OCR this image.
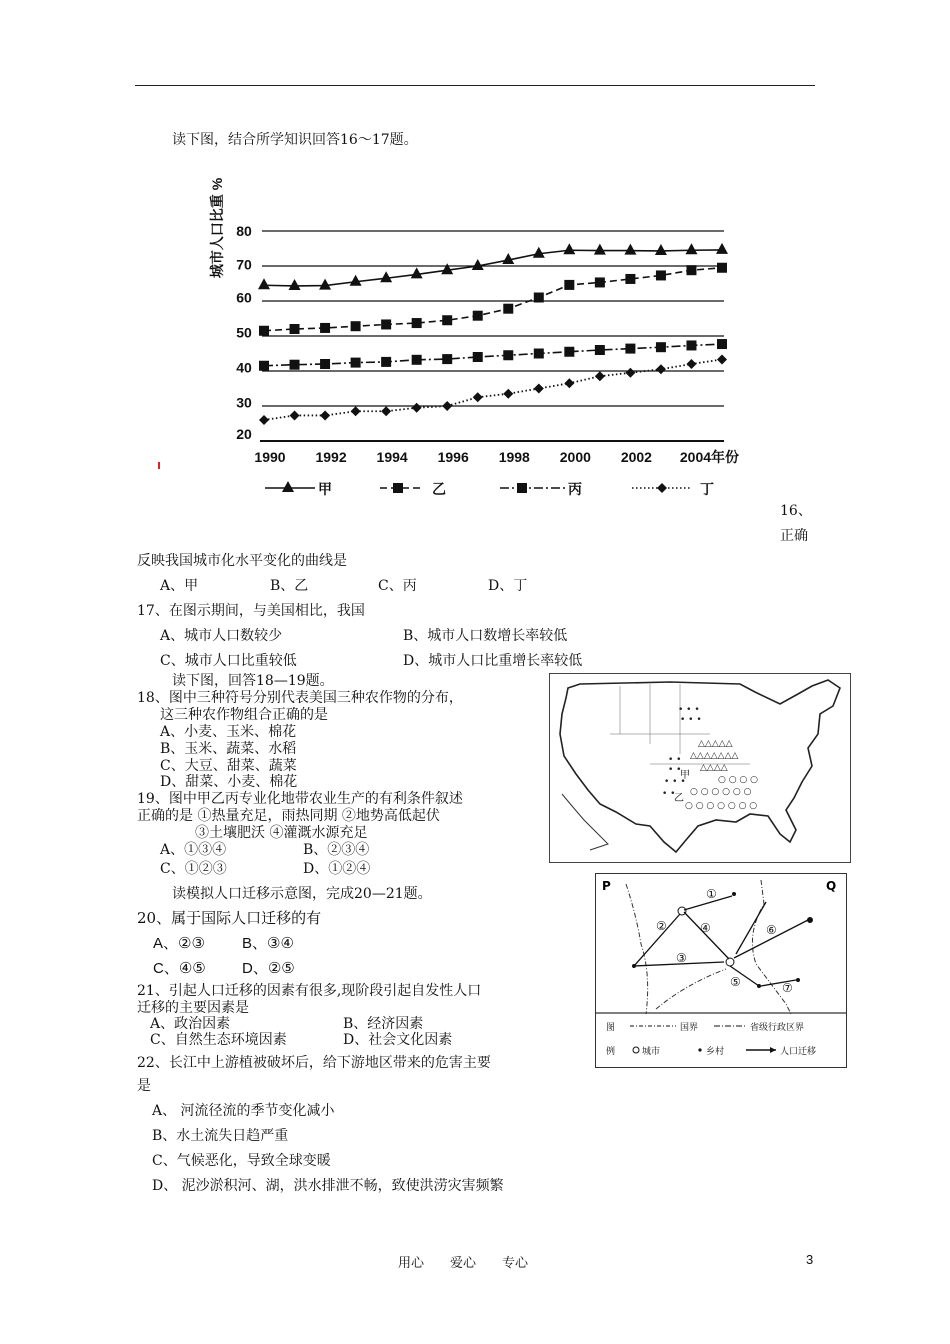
读下图，结合所学知识回答16～17题。
80
70
60
50
40
30
20
1990 1992 1994 1996 1998 2000 2002 2004年份
甲	乙	丙	丁
城市人口比重 %
16、
正确
反映我国城市化水平变化的曲线是
A、甲	B、乙	C、丙	D、丁
17、在图示期间，与美国相比，我国
A、城市人口数较少	B、城市人口数增长率较低
C、城市人口比重较低	D、城市人口比重增长率较低
读下图，回答18—19题。
18、图中三种符号分别代表美国三种农作物的分布，
这三种农作物组合正确的是
A、小麦、玉米、棉花
B、玉米、蔬菜、水稻
C、大豆、甜菜、蔬菜
D、甜菜、小麦、棉花
19、图中甲乙丙专业化地带农业生产的有利条件叙述
正确的是 ①热量充足，雨热同期 ②地势高低起伏
③土壤肥沃 ④灌溉水源充足
A、①③④	B、②③④
C、①②③	D、①②④
• • •
• • •
△△△△△
△△△△△△△
△△△△
• •
• •
• • •
• • ○ ○ ○ ○ ○ ○
○ ○ ○ ○ ○ ○ ○
○ ○ ○ ○
甲
乙
读模拟人口迁移示意图，完成20—21题。
20、属于国际人口迁移的有
A、②③ B、③④
C、④⑤ D、②⑤
21、引起人口迁移的因素有很多,现阶段引起自发性人口
迁移的主要因素是
A、政治因素	B、经济因素
C、自然生态环境因素	D、社会文化因素
P	Q
①
②
③
④
⑤
⑥
⑦
图
例
国界	省级行政区界
城市	乡村	人口迁移
22、长江中上游植被破坏后，给下游地区带来的危害主要
是
A、 河流径流的季节变化减小
B、水土流失日趋严重
C、气候恶化，导致全球变暖
D、 泥沙淤积河、湖，洪水排泄不畅，致使洪涝灾害频繁
用心　　爱心　　专心	3
